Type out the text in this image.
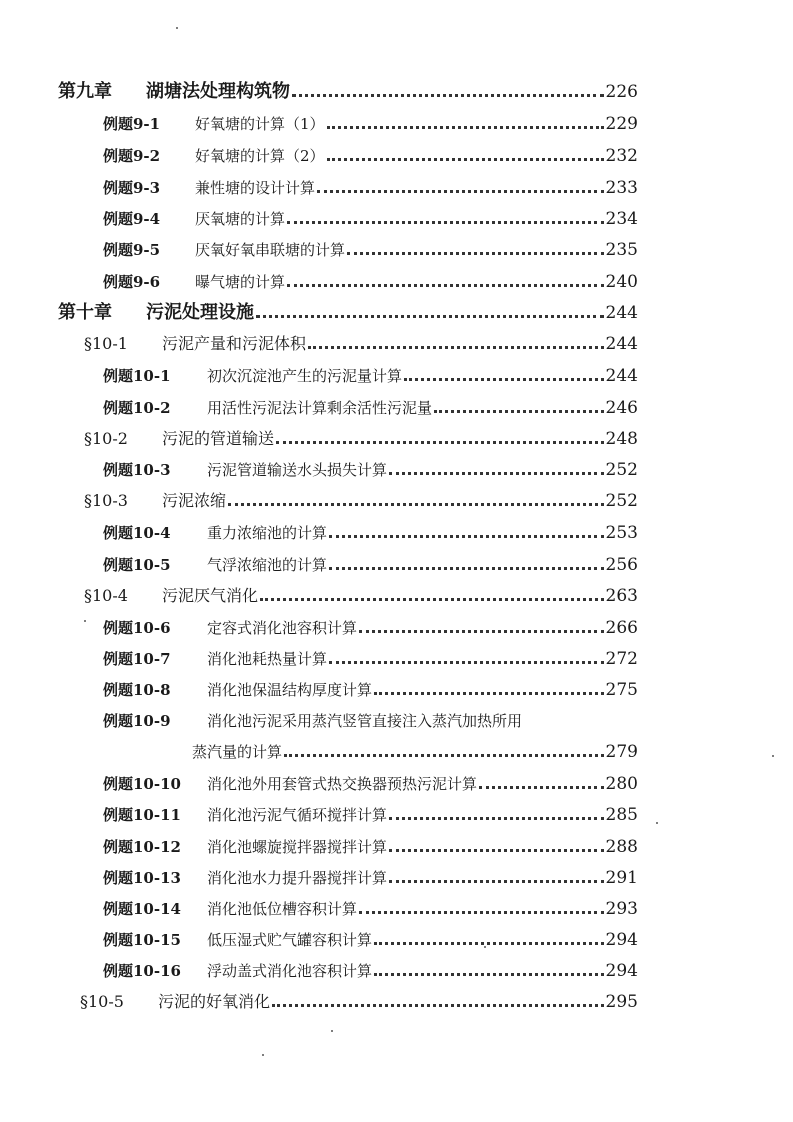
第九章	湖塘法处理构筑物	226
例题9-1	好氧塘的计算（1）	229
例题9-2	好氧塘的计算（2）	232
例题9-3	兼性塘的设计计算	233
例题9-4	厌氧塘的计算	234
例题9-5	厌氧好氧串联塘的计算	235
例题9-6	曝气塘的计算	240
第十章	污泥处理设施	244
§10-1	污泥产量和污泥体积	244
例题10-1	初次沉淀池产生的污泥量计算	244
例题10-2	用活性污泥法计算剩余活性污泥量	246
§10-2	污泥的管道输送	248
例题10-3	污泥管道输送水头损失计算	252
§10-3	污泥浓缩	252
例题10-4	重力浓缩池的计算	253
例题10-5	气浮浓缩池的计算	256
§10-4	污泥厌气消化	263
例题10-6	定容式消化池容积计算	266
例题10-7	消化池耗热量计算	272
例题10-8	消化池保温结构厚度计算	275
例题10-9	消化池污泥采用蒸汽竖管直接注入蒸汽加热所用
蒸汽量的计算	279
例题10-10	消化池外用套管式热交换器预热污泥计算	280
例题10-11	消化池污泥气循环搅拌计算	285
例题10-12	消化池螺旋搅拌器搅拌计算	288
例题10-13	消化池水力提升器搅拌计算	291
例题10-14	消化池低位槽容积计算	293
例题10-15	低压湿式贮气罐容积计算	294
例题10-16	浮动盖式消化池容积计算	294
§10-5	污泥的好氧消化	295
